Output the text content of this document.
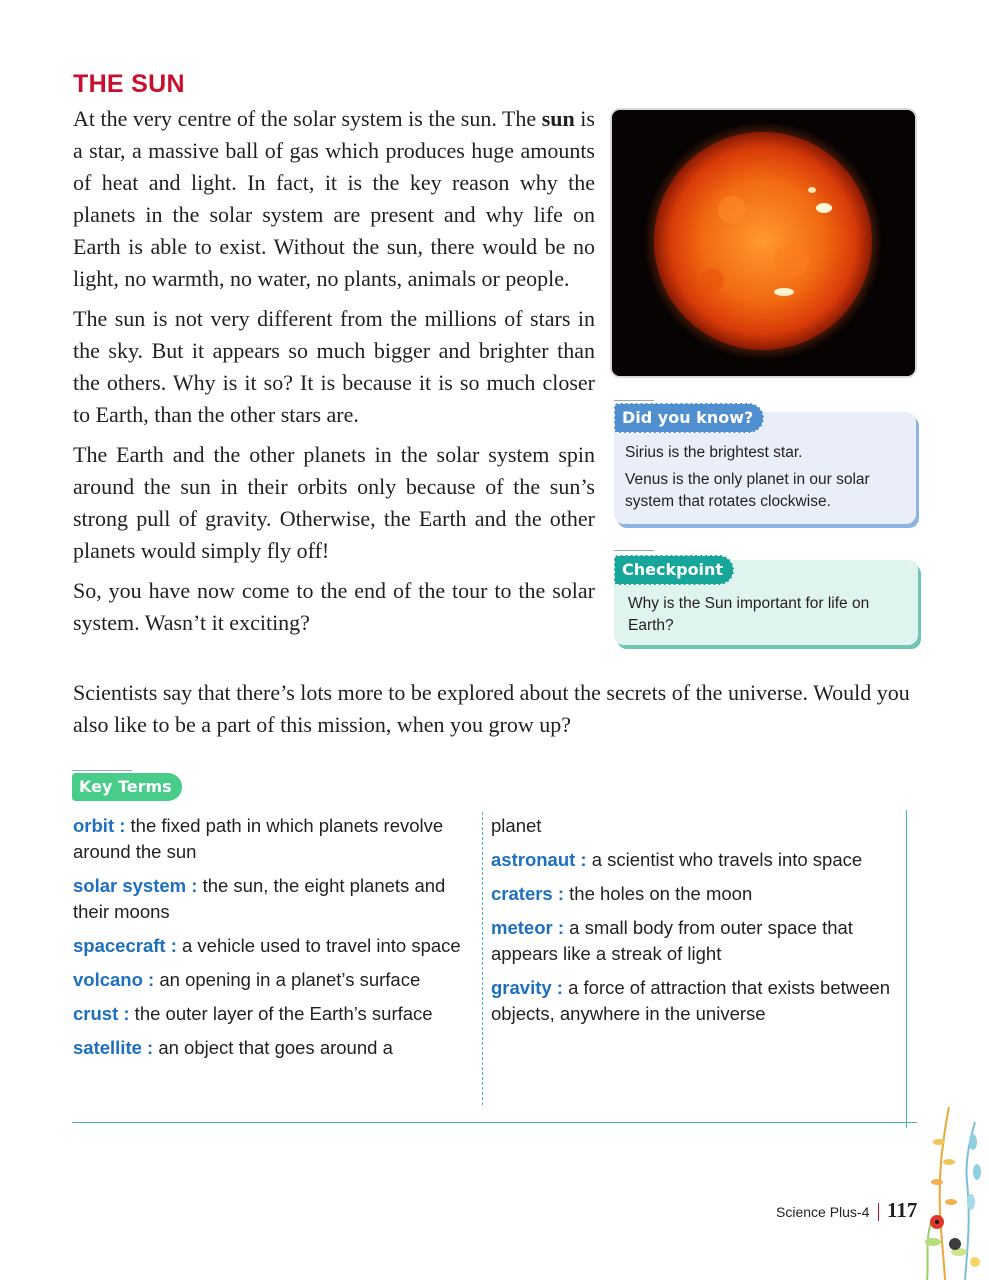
THE SUN

At the very centre of the solar system is the sun. The sun is a star, a massive ball of gas which produces huge amounts of heat and light. In fact, it is the key reason why the planets in the solar system are present and why life on Earth is able to exist. Without the sun, there would be no light, no warmth, no water, no plants, animals or people.

The sun is not very different from the millions of stars in the sky. But it appears so much bigger and brighter than the others. Why is it so? It is because it is so much closer to Earth, than the other stars are.

The Earth and the other planets in the solar system spin around the sun in their orbits only because of the sun’s strong pull of gravity. Otherwise, the Earth and the other planets would simply fly off!

So, you have now come to the end of the tour to the solar system. Wasn’t it exciting?

Scientists say that there’s lots more to be explored about the secrets of the universe. Would you also like to be a part of this mission, when you grow up?

Sirius is the brightest star.
Venus is the only planet in our solar system that rotates clockwise.
Did you know?
Why is the Sun important for life on Earth?
Checkpoint
Key Terms
orbit : the fixed path in which planets revolve around the sun
solar system : the sun, the eight planets and their moons
spacecraft : a vehicle used to travel into space
volcano : an opening in a planet’s surface
crust : the outer layer of the Earth’s surface
satellite : an object that goes around a
planet
astronaut : a scientist who travels into space
craters : the holes on the moon
meteor : a small body from outer space that appears like a streak of light
gravity : a force of attraction that exists between objects, anywhere in the universe
Science Plus-4 117
